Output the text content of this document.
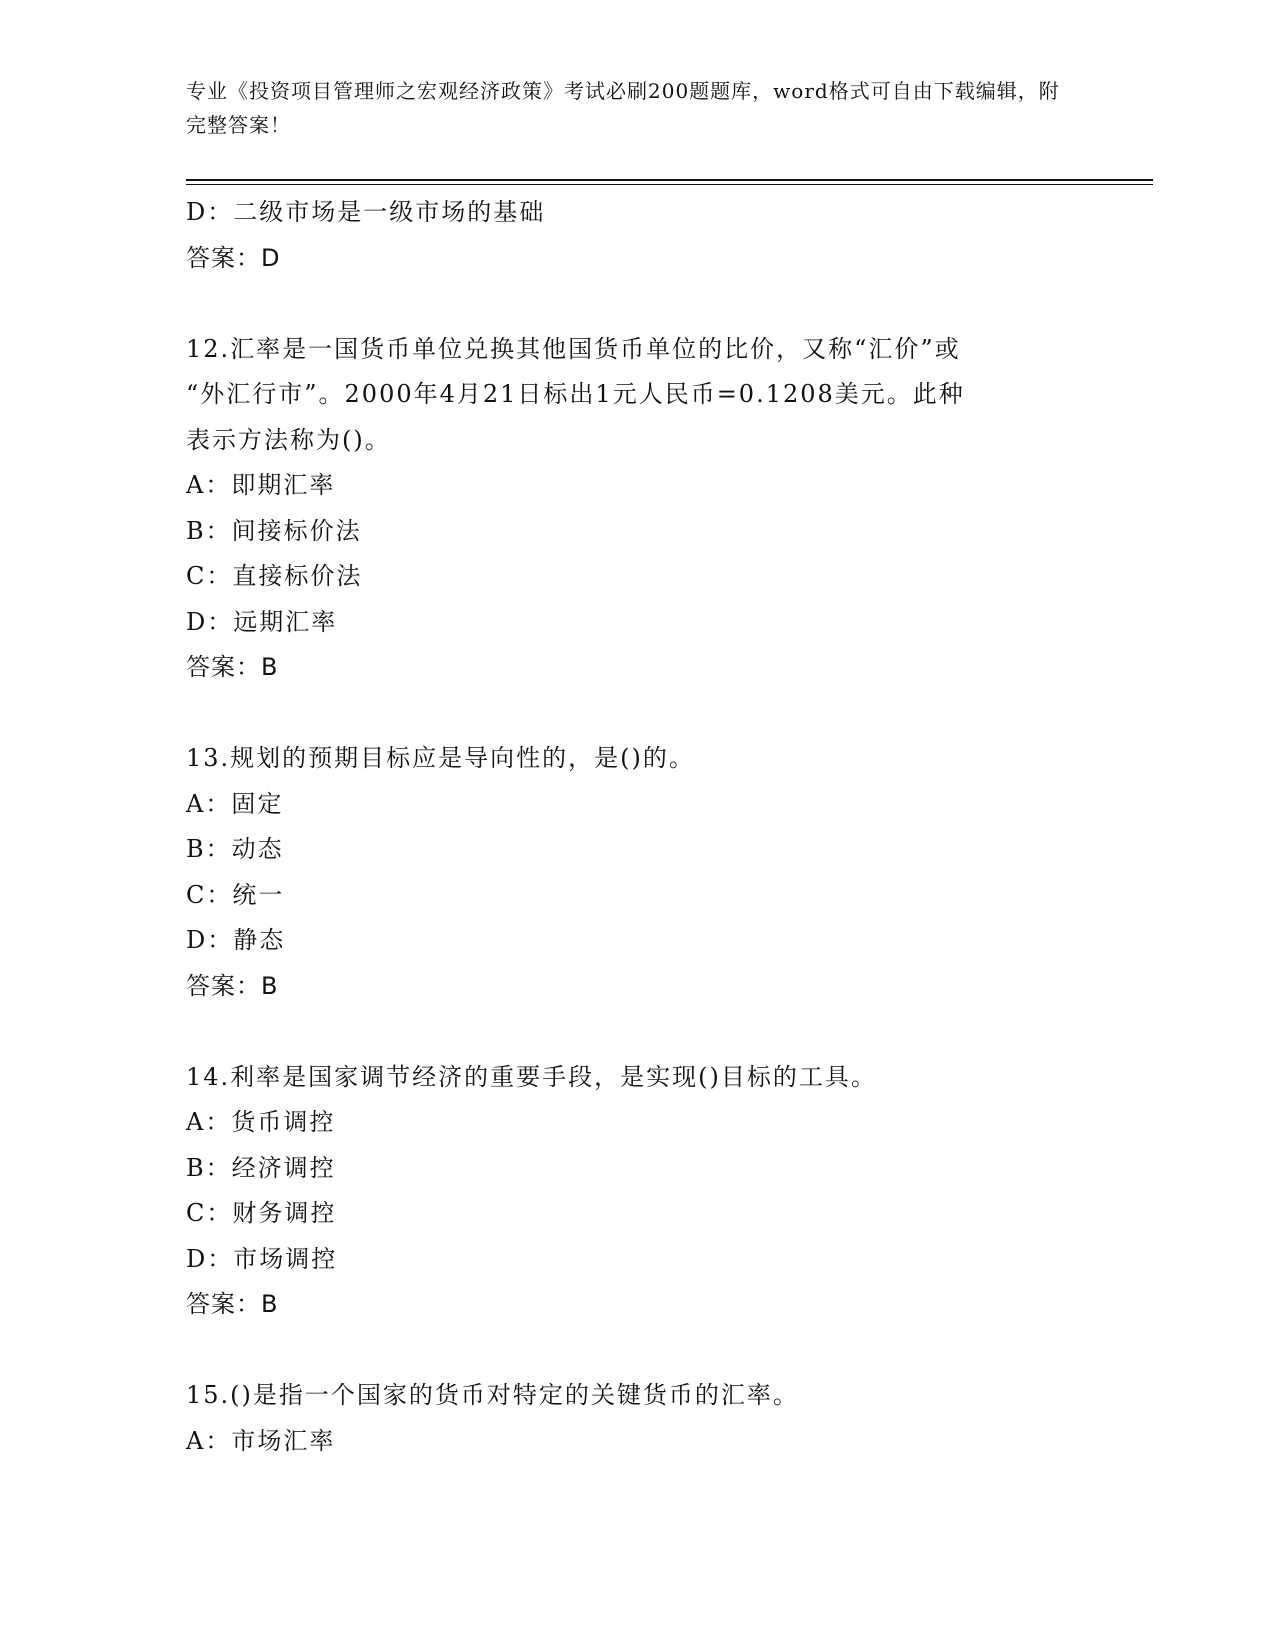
专业《投资项目管理师之宏观经济政策》考试必刷200题题库，word格式可自由下载编辑，附完整答案！
D：二级市场是一级市场的基础
答案：D
12.汇率是一国货币单位兑换其他国货币单位的比价，又称“汇价”或
“外汇行市”。2000年4月21日标出1元人民币=0.1208美元。此种
表示方法称为()。
A：即期汇率
B：间接标价法
C：直接标价法
D：远期汇率
答案：B
13.规划的预期目标应是导向性的，是()的。
A：固定
B：动态
C：统一
D：静态
答案：B
14.利率是国家调节经济的重要手段，是实现()目标的工具。
A：货币调控
B：经济调控
C：财务调控
D：市场调控
答案：B
15.()是指一个国家的货币对特定的关键货币的汇率。
A：市场汇率
